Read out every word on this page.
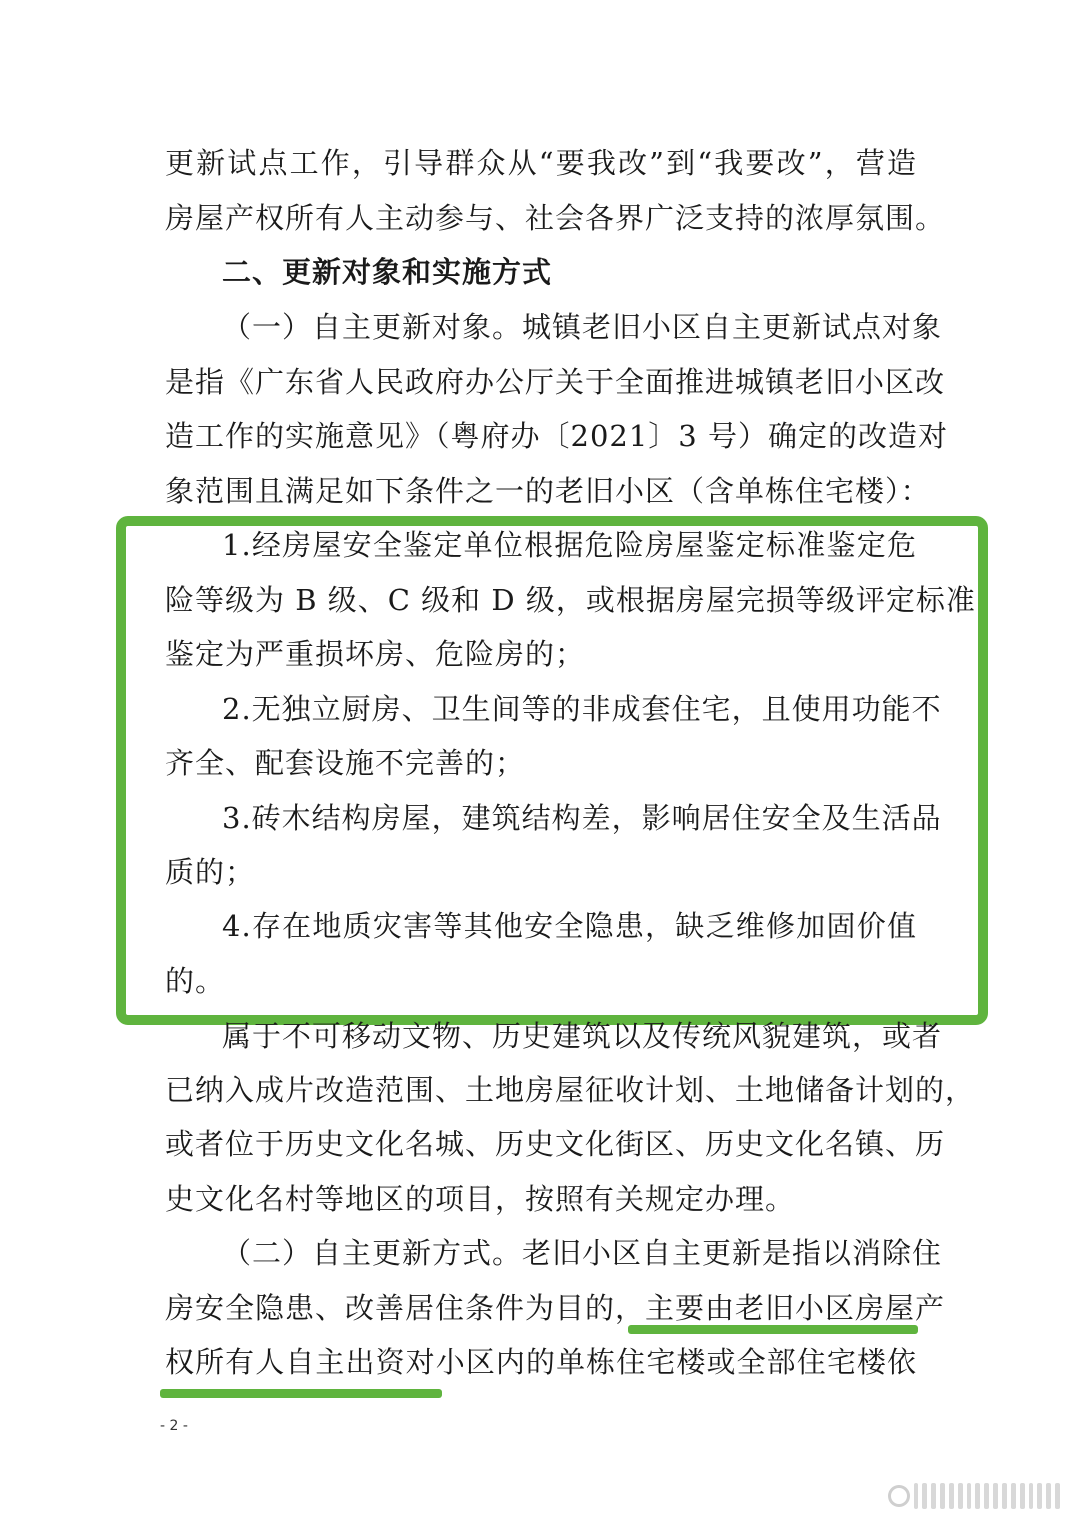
更新试点工作，引导群众从“要我改”到“我要改”，营造
房屋产权所有人主动参与、社会各界广泛支持的浓厚氛围。
二、更新对象和实施方式
（一）自主更新对象。城镇老旧小区自主更新试点对象
是指《广东省人民政府办公厅关于全面推进城镇老旧小区改
造工作的实施意见》（粤府办〔2021〕3 号）确定的改造对
象范围且满足如下条件之一的老旧小区（含单栋住宅楼）：
1.经房屋安全鉴定单位根据危险房屋鉴定标准鉴定危
险等级为 B 级、C 级和 D 级，或根据房屋完损等级评定标准
鉴定为严重损坏房、危险房的；
2.无独立厨房、卫生间等的非成套住宅，且使用功能不
齐全、配套设施不完善的；
3.砖木结构房屋，建筑结构差，影响居住安全及生活品
质的；
4.存在地质灾害等其他安全隐患，缺乏维修加固价值
的。
属于不可移动文物、历史建筑以及传统风貌建筑，或者
已纳入成片改造范围、土地房屋征收计划、土地储备计划的，
或者位于历史文化名城、历史文化街区、历史文化名镇、历
史文化名村等地区的项目，按照有关规定办理。
（二）自主更新方式。老旧小区自主更新是指以消除住
房安全隐患、改善居住条件为目的，主要由老旧小区房屋产
权所有人自主出资对小区内的单栋住宅楼或全部住宅楼依
- 2 -
